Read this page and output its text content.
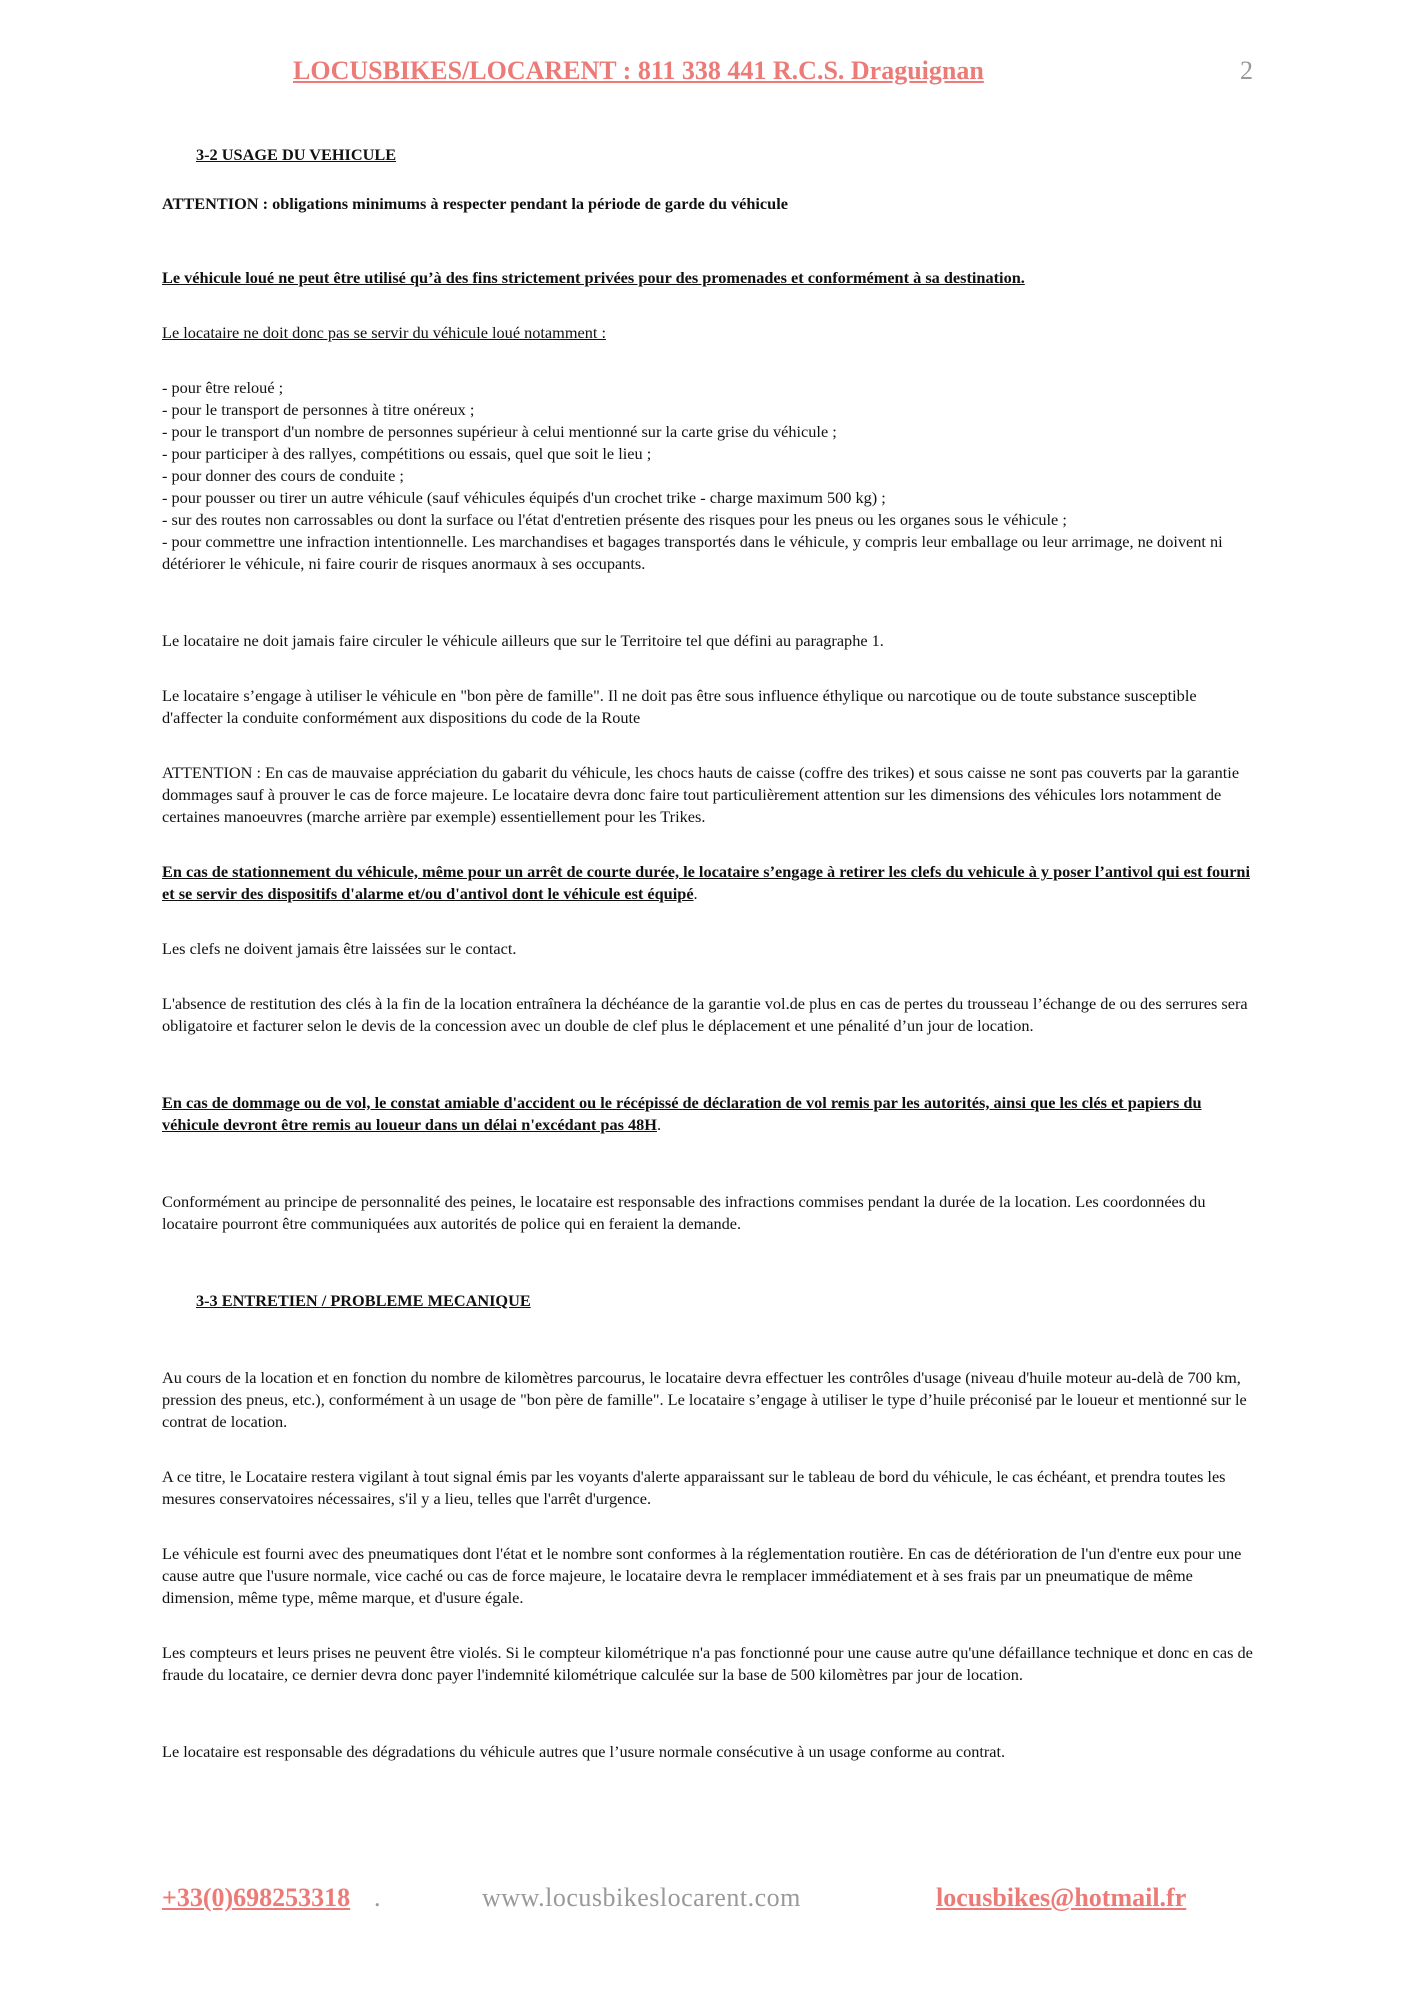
LOCUSBIKES/LOCARENT : 811 338 441 R.C.S. Draguignan	2

3-2 USAGE DU VEHICULE

ATTENTION : obligations minimums à respecter pendant la période de garde du véhicule

Le véhicule loué ne peut être utilisé qu’à des fins strictement privées pour des promenades et conformément à sa destination.

Le locataire ne doit donc pas se servir du véhicule loué notamment :

- pour être reloué ;
- pour le transport de personnes à titre onéreux ;
- pour le transport d'un nombre de personnes supérieur à celui mentionné sur la carte grise du véhicule ;
- pour participer à des rallyes, compétitions ou essais, quel que soit le lieu ;
- pour donner des cours de conduite ;
- pour pousser ou tirer un autre véhicule (sauf véhicules équipés d'un crochet trike - charge maximum 500 kg) ;
- sur des routes non carrossables ou dont la surface ou l'état d'entretien présente des risques pour les pneus ou les organes sous le véhicule ;
- pour commettre une infraction intentionnelle. Les marchandises et bagages transportés dans le véhicule, y compris leur emballage ou leur arrimage, ne doivent ni détériorer le véhicule, ni faire courir de risques anormaux à ses occupants.

Le locataire ne doit jamais faire circuler le véhicule ailleurs que sur le Territoire tel que défini au paragraphe 1.

Le locataire s’engage à utiliser le véhicule en "bon père de famille". Il ne doit pas être sous influence éthylique ou narcotique ou de toute substance susceptible d'affecter la conduite conformément aux dispositions du code de la Route

ATTENTION : En cas de mauvaise appréciation du gabarit du véhicule, les chocs hauts de caisse (coffre des trikes) et sous caisse ne sont pas couverts par la garantie dommages sauf à prouver le cas de force majeure. Le locataire devra donc faire tout particulièrement attention sur les dimensions des véhicules lors notamment de certaines manoeuvres (marche arrière par exemple) essentiellement pour les Trikes.

En cas de stationnement du véhicule, même pour un arrêt de courte durée, le locataire s’engage à retirer les clefs du vehicule à y poser l’antivol qui est fourni et se servir des dispositifs d'alarme et/ou d'antivol dont le véhicule est équipé.

Les clefs ne doivent jamais être laissées sur le contact.

L'absence de restitution des clés à la fin de la location entraînera la déchéance de la garantie vol.de plus en cas de pertes du trousseau l’échange de ou des serrures sera obligatoire et facturer selon le devis de la concession avec un double de clef plus le déplacement et une pénalité d’un jour de location.

En cas de dommage ou de vol, le constat amiable d'accident ou le récépissé de déclaration de vol remis par les autorités, ainsi que les clés et papiers du véhicule devront être remis au loueur dans un délai n'excédant pas 48H.

Conformément au principe de personnalité des peines, le locataire est responsable des infractions commises pendant la durée de la location. Les coordonnées du locataire pourront être communiquées aux autorités de police qui en feraient la demande.

3-3 ENTRETIEN / PROBLEME MECANIQUE

Au cours de la location et en fonction du nombre de kilomètres parcourus, le locataire devra effectuer les contrôles d'usage (niveau d'huile moteur au-delà de 700 km, pression des pneus, etc.), conformément à un usage de "bon père de famille". Le locataire s’engage à utiliser le type d’huile préconisé par le loueur et mentionné sur le contrat de location.

A ce titre, le Locataire restera vigilant à tout signal émis par les voyants d'alerte apparaissant sur le tableau de bord du véhicule, le cas échéant, et prendra toutes les mesures conservatoires nécessaires, s'il y a lieu, telles que l'arrêt d'urgence.

Le véhicule est fourni avec des pneumatiques dont l'état et le nombre sont conformes à la réglementation routière. En cas de détérioration de l'un d'entre eux pour une cause autre que l'usure normale, vice caché ou cas de force majeure, le locataire devra le remplacer immédiatement et à ses frais par un pneumatique de même dimension, même type, même marque, et d'usure égale.

Les compteurs et leurs prises ne peuvent être violés. Si le compteur kilométrique n'a pas fonctionné pour une cause autre qu'une défaillance technique et donc en cas de fraude du locataire, ce dernier devra donc payer l'indemnité kilométrique calculée sur la base de 500 kilomètres par jour de location.

Le locataire est responsable des dégradations du véhicule autres que l’usure normale consécutive à un usage conforme au contrat.

+33(0)698253318 .	www.locusbikeslocarent.com	locusbikes@hotmail.fr
